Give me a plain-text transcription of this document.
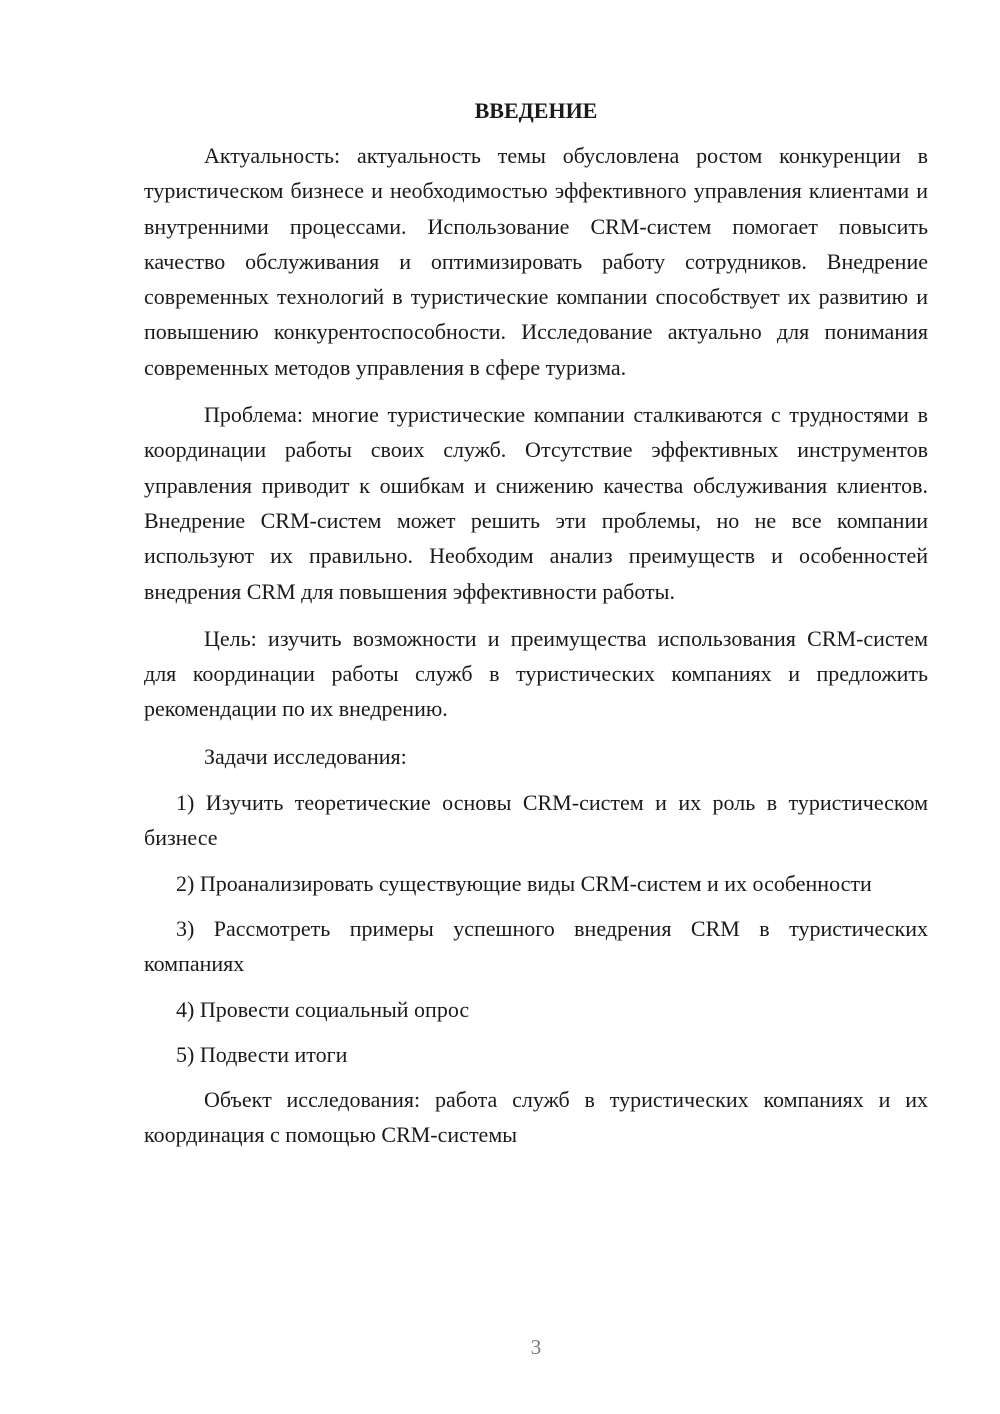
ВВЕДЕНИЕ

Актуальность: актуальность темы обусловлена ростом конкуренции в туристическом бизнесе и необходимостью эффективного управления клиентами и внутренними процессами. Использование CRM-систем помогает повысить качество обслуживания и оптимизировать работу сотрудников. Внедрение современных технологий в туристические компании способствует их развитию и повышению конкурентоспособности. Исследование актуально для понимания современных методов управления в сфере туризма.

Проблема: многие туристические компании сталкиваются с трудностями в координации работы своих служб. Отсутствие эффективных инструментов управления приводит к ошибкам и снижению качества обслуживания клиентов. Внедрение CRM-систем может решить эти проблемы, но не все компании используют их правильно. Необходим анализ преимуществ и особенностей внедрения CRM для повышения эффективности работы.

Цель: изучить возможности и преимущества использования CRM-систем для координации работы служб в туристических компаниях и предложить рекомендации по их внедрению.

Задачи исследования:

1) Изучить теоретические основы CRM-систем и их роль в туристическом бизнесе
2) Проанализировать существующие виды CRM-систем и их особенности
3) Рассмотреть примеры успешного внедрения CRM в туристических компаниях
4) Провести социальный опрос
5) Подвести итоги

Объект исследования: работа служб в туристических компаниях и их координация с помощью CRM-системы

3
